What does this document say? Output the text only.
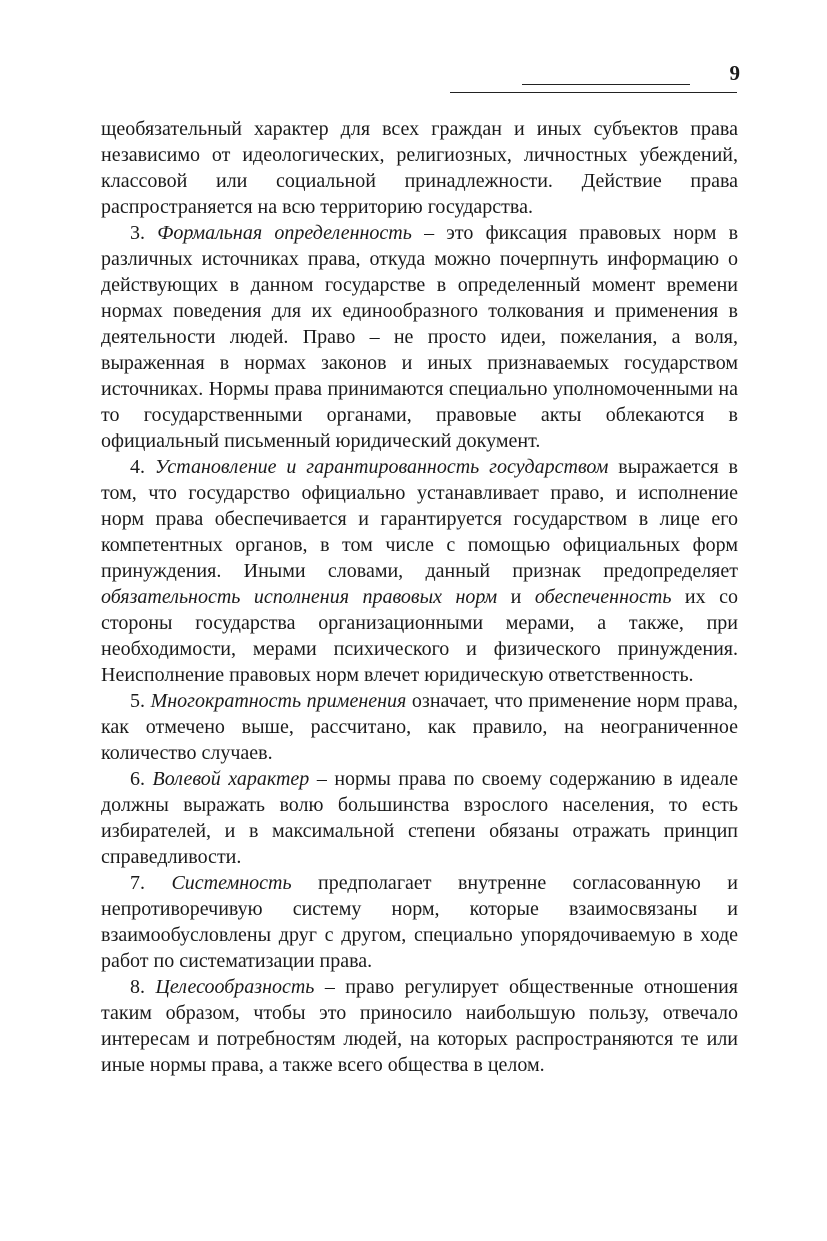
9

щеобязательный характер для всех граждан и иных субъектов права независимо от идеологических, религиозных, личностных убеждений, классовой или социальной принадлежности. Действие права распространяется на всю территорию государства.

3. Формальная определенность – это фиксация правовых норм в различных источниках права, откуда можно почерпнуть информацию о действующих в данном государстве в определенный момент времени нормах поведения для их единообразного толкования и применения в деятельности людей. Право – не просто идеи, пожелания, а воля, выраженная в нормах законов и иных признаваемых государством источниках. Нормы права принимаются специально уполномоченными на то государственными органами, правовые акты облекаются в официальный письменный юридический документ.

4. Установление и гарантированность государством выражается в том, что государство официально устанавливает право, и исполнение норм права обеспечивается и гарантируется государством в лице его компетентных органов, в том числе с помощью официальных форм принуждения. Иными словами, данный признак предопределяет обязательность исполнения правовых норм и обеспеченность их со стороны государства организационными мерами, а также, при необходимости, мерами психического и физического принуждения. Неисполнение правовых норм влечет юридическую ответственность.

5. Многократность применения означает, что применение норм права, как отмечено выше, рассчитано, как правило, на неограниченное количество случаев.

6. Волевой характер – нормы права по своему содержанию в идеале должны выражать волю большинства взрослого населения, то есть избирателей, и в максимальной степени обязаны отражать принцип справедливости.

7. Системность предполагает внутренне согласованную и непротиворечивую систему норм, которые взаимосвязаны и взаимообусловлены друг с другом, специально упорядочиваемую в ходе работ по систематизации права.

8. Целесообразность – право регулирует общественные отношения таким образом, чтобы это приносило наибольшую пользу, отвечало интересам и потребностям людей, на которых распространяются те или иные нормы права, а также всего общества в целом.
